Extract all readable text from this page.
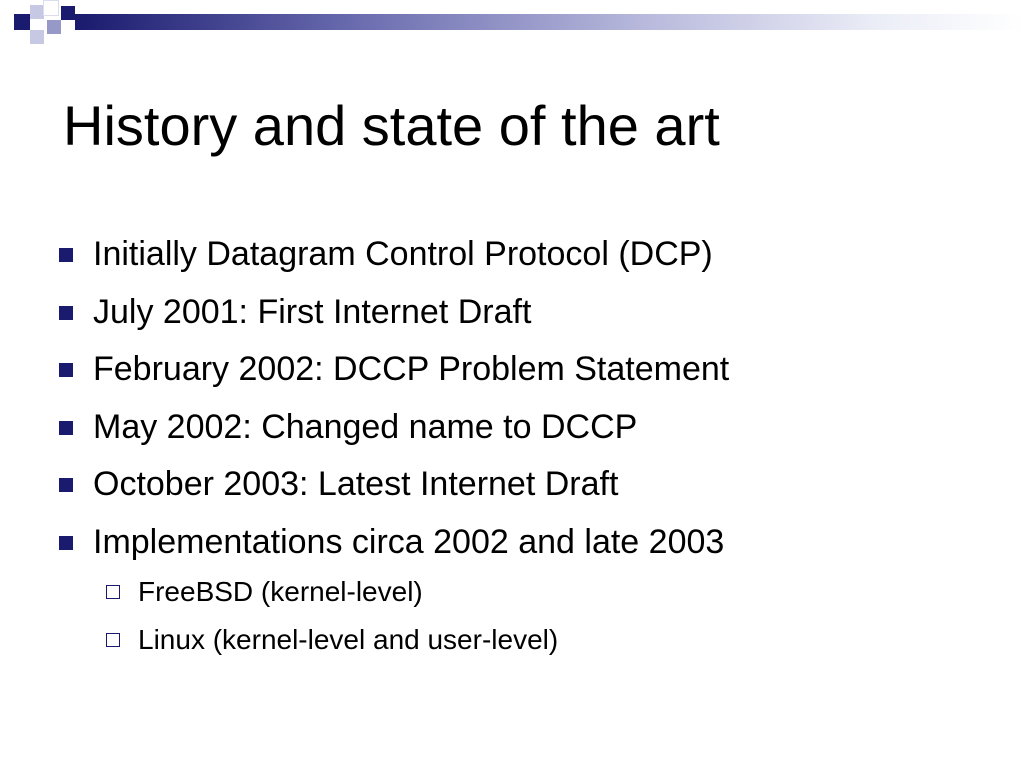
History and state of the art
Initially Datagram Control Protocol (DCP)
July 2001: First Internet Draft
February 2002: DCCP Problem Statement
May 2002: Changed name to DCCP
October 2003: Latest Internet Draft
Implementations circa 2002 and late 2003
FreeBSD (kernel-level)
Linux (kernel-level and user-level)
